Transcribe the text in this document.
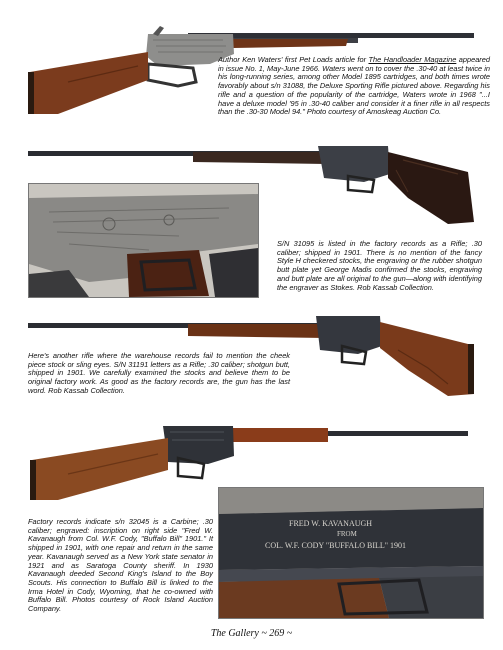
Author Ken Waters' first Pet Loads article for The Handloader Magazine appeared in issue No. 1, May-June 1966. Waters went on to cover the .30-40 at least twice in his long-running series, among other Model 1895 cartridges, and both times wrote favorably about s/n 31088, the Deluxe Sporting Rifle pictured above. Regarding his rifle and a question of the popularity of the cartridge, Waters wrote in 1968 "...I have a deluxe model '95 in .30-40 caliber and consider it a finer rifle in all respects than the .30-30 Model 94." Photo courtesy of Amoskeag Auction Co.
S/N 31095 is listed in the factory records as a Rifle; .30 caliber; shipped in 1901. There is no mention of the fancy Style H checkered stocks, the engraving or the rubber shotgun butt plate yet George Madis confirmed the stocks, engraving and butt plate are all original to the gun—along with identifying the engraver as Stokes. Rob Kassab Collection.
Here's another rifle where the warehouse records fail to mention the cheek piece stock or sling eyes. S/N 31191 letters as a Rifle; .30 caliber; shotgun butt, shipped in 1901. We carefully examined the stocks and believe them to be original factory work. As good as the factory records are, the gun has the last word. Rob Kassab Collection.
FRED W. KAVANAUGH
FROM
COL. W.F. CODY "BUFFALO BILL" 1901
Factory records indicate s/n 32045 is a Carbine; .30 caliber; engraved: inscription on right side "Fred W. Kavanaugh from Col. W.F. Cody, "Buffalo Bill" 1901." It shipped in 1901, with one repair and return in the same year. Kavanaugh served as a New York state senator in 1921 and as Saratoga County sheriff. In 1930 Kavanaugh deeded Second King's Island to the Boy Scouts. His connection to Buffalo Bill is linked to the Irma Hotel in Cody, Wyoming, that he co-owned with Buffalo Bill. Photos courtesy of Rock Island Auction Company.
The Gallery ~ 269 ~
